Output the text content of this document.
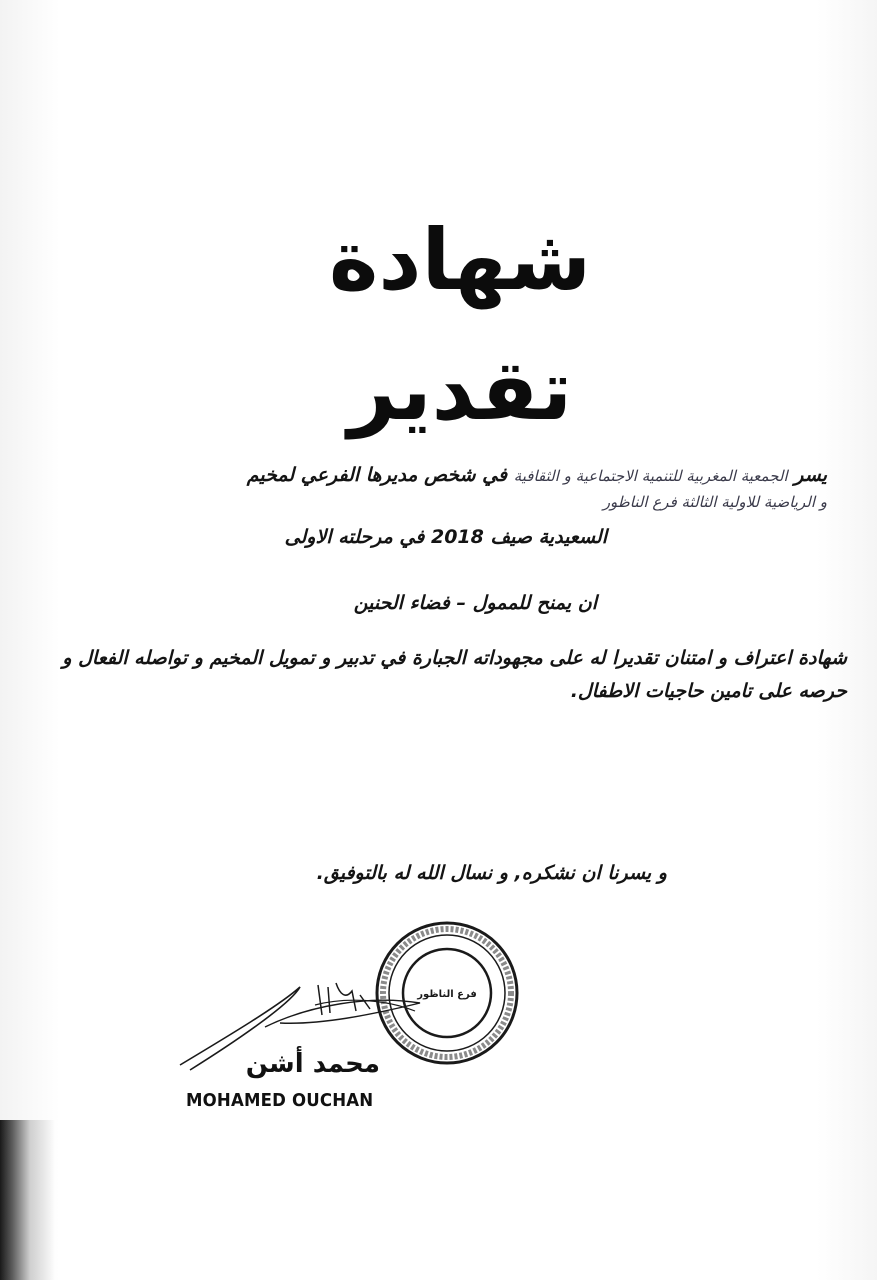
شهادة تقدير
يسر الجمعية المغربية للتنمية الاجتماعية و الثقافية في شخص مديرها الفرعي لمخيم
و الرياضية للاولية الثالثة فرع الناظور
السعيدية صيف 2018 في مرحلته الاولى
ان يمنح للممول – فضاء الحنين
شهادة اعتراف و امتنان تقديرا له على مجهوداته الجبارة في تدبير و تمويل المخيم و تواصله الفعال و حرصه على تامين حاجيات الاطفال.
و يسرنا ان نشكره, و نسال الله له بالتوفيق.
فرع الناظور
محمد أشن
MOHAMED OUCHAN
